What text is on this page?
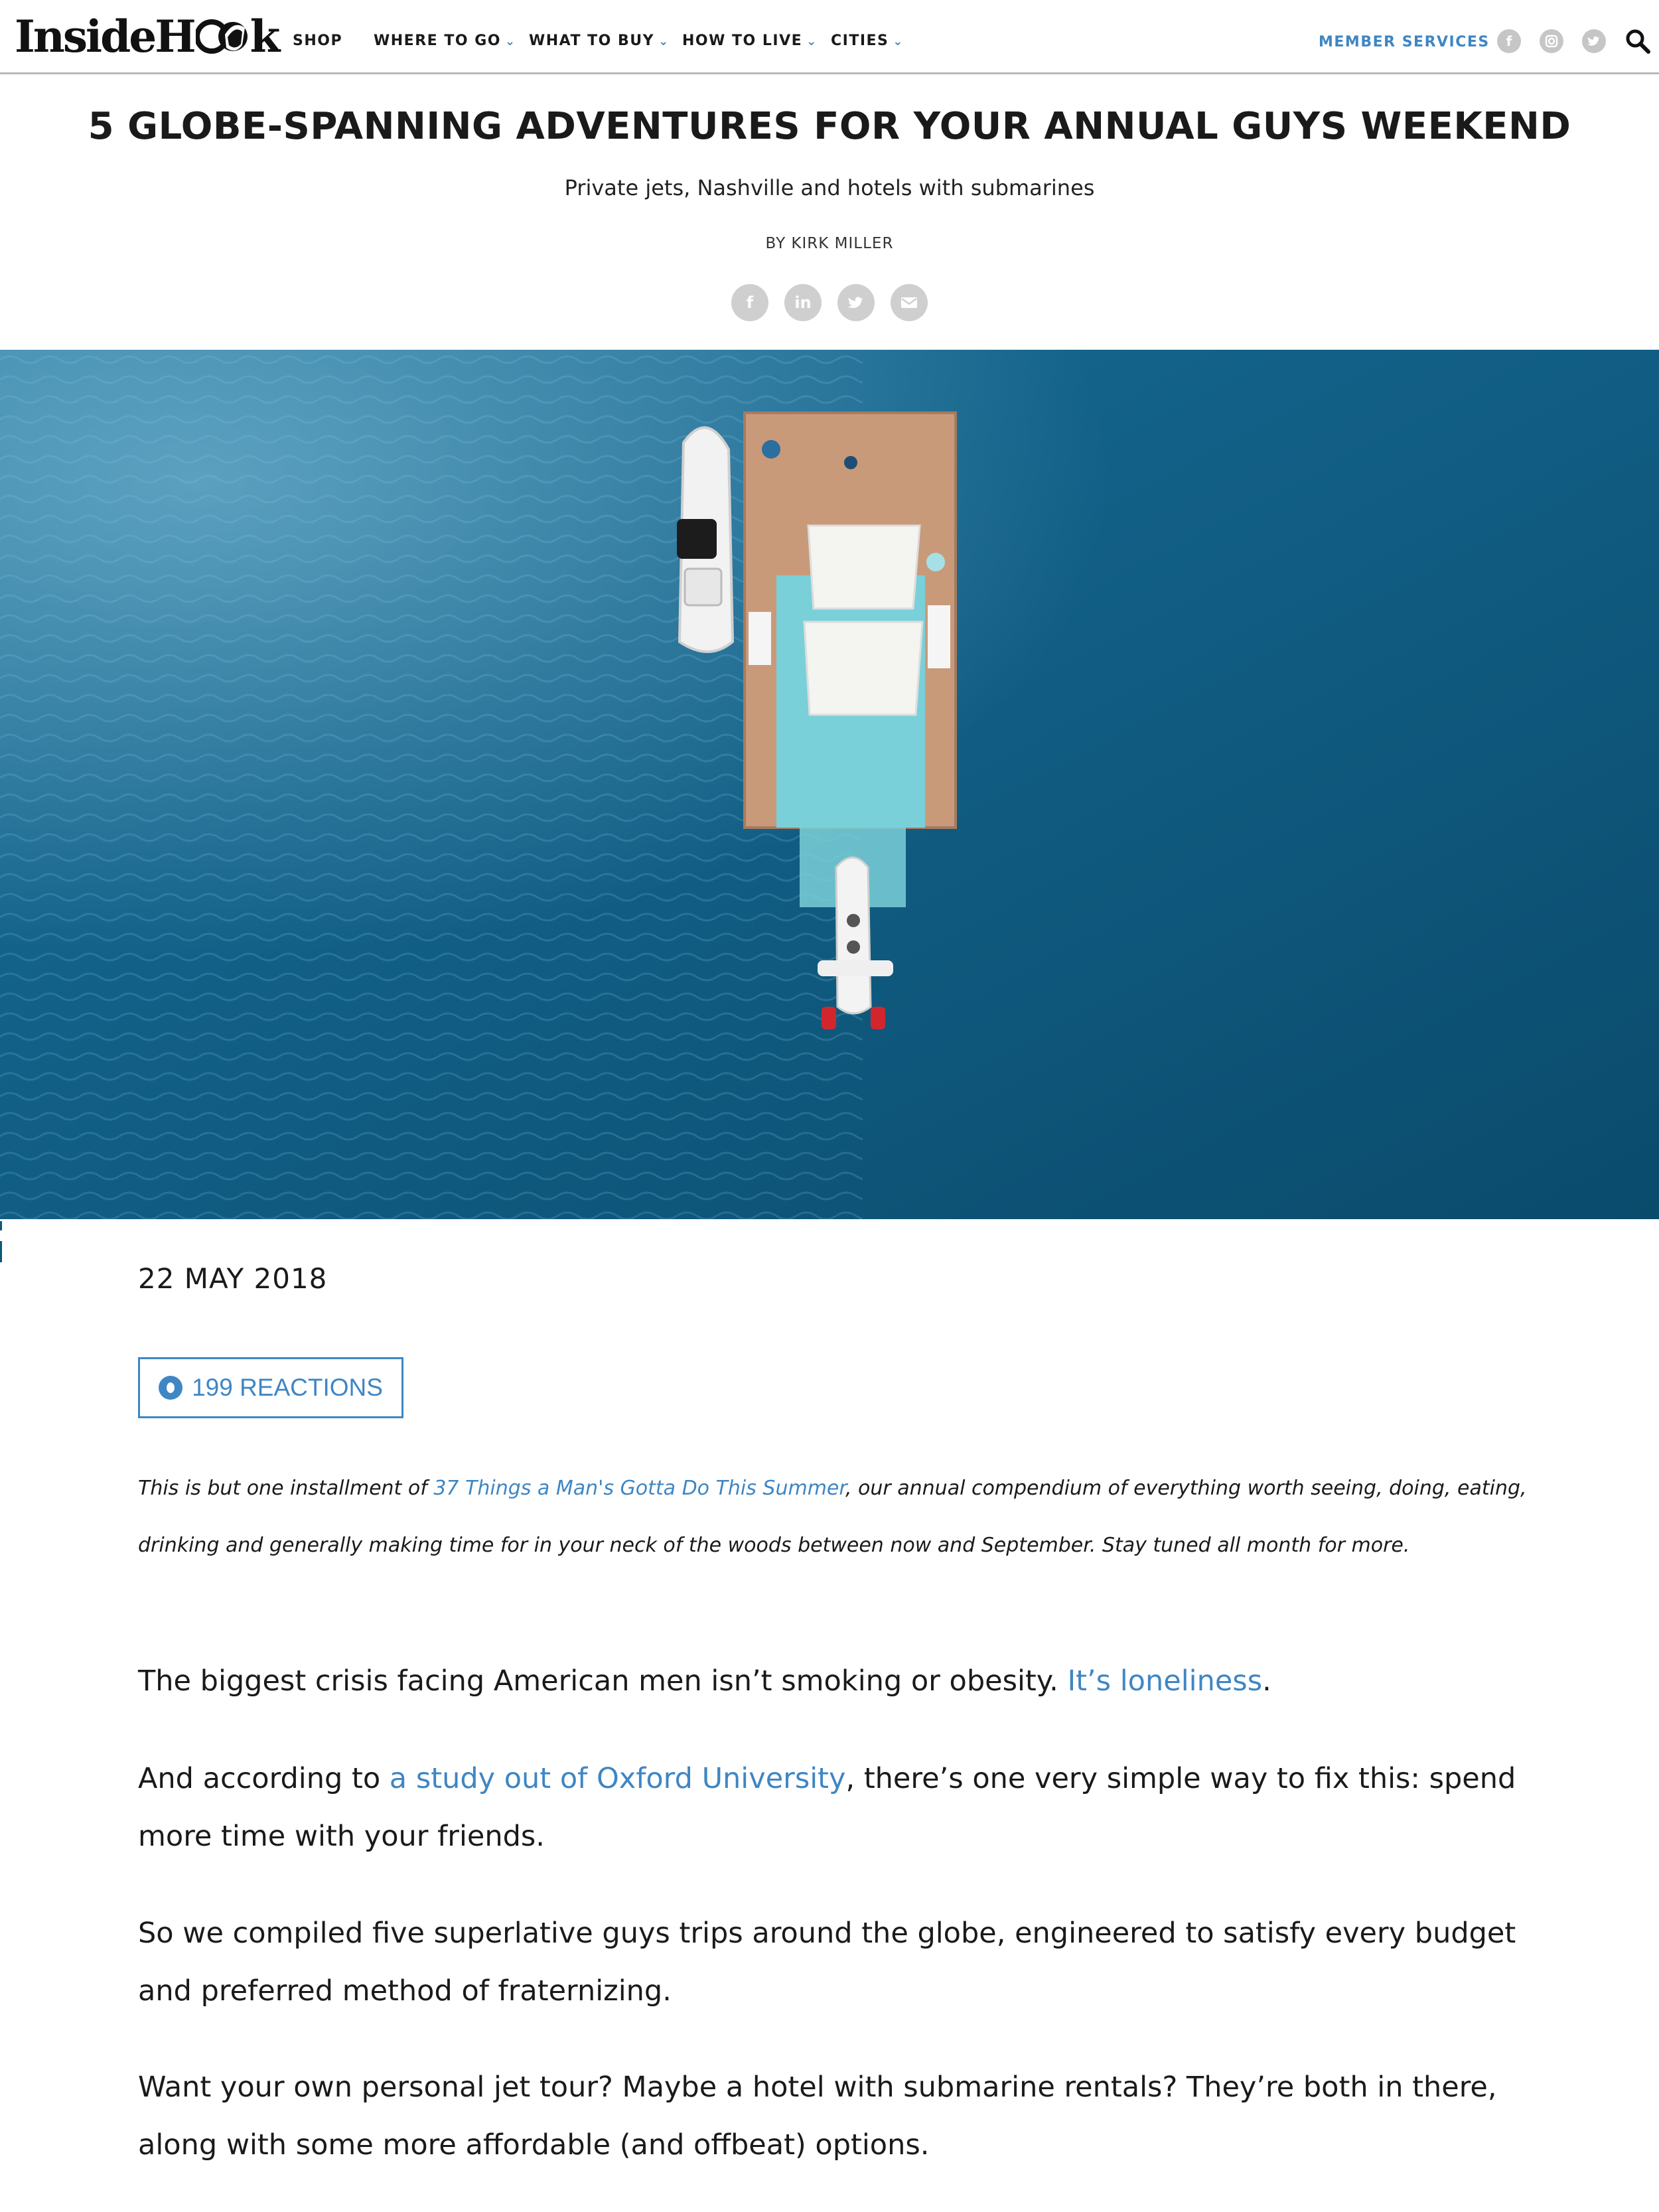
InsideH k SHOP WHERE TO GO ⌄ WHAT TO BUY ⌄ HOW TO LIVE ⌄ CITIES ⌄	MEMBER SERVICES f
5 GLOBE-SPANNING ADVENTURES FOR YOUR ANNUAL GUYS WEEKEND
Private jets, Nashville and hotels with submarines
BY KIRK MILLER
f	in
22 MAY 2018
199 REACTIONS

This is but one installment of 37 Things a Man's Gotta Do This Summer, our annual compendium of everything worth seeing, doing, eating, drinking and generally making time for in your neck of the woods between now and September. Stay tuned all month for more.

The biggest crisis facing American men isn’t smoking or obesity. It’s loneliness.

And according to a study out of Oxford University, there’s one very simple way to fix this: spend more time with your friends.

So we compiled five superlative guys trips around the globe, engineered to satisfy every budget and preferred method of fraternizing.

Want your own personal jet tour? Maybe a hotel with submarine rentals? They’re both in there, along with some more affordable (and offbeat) options.
